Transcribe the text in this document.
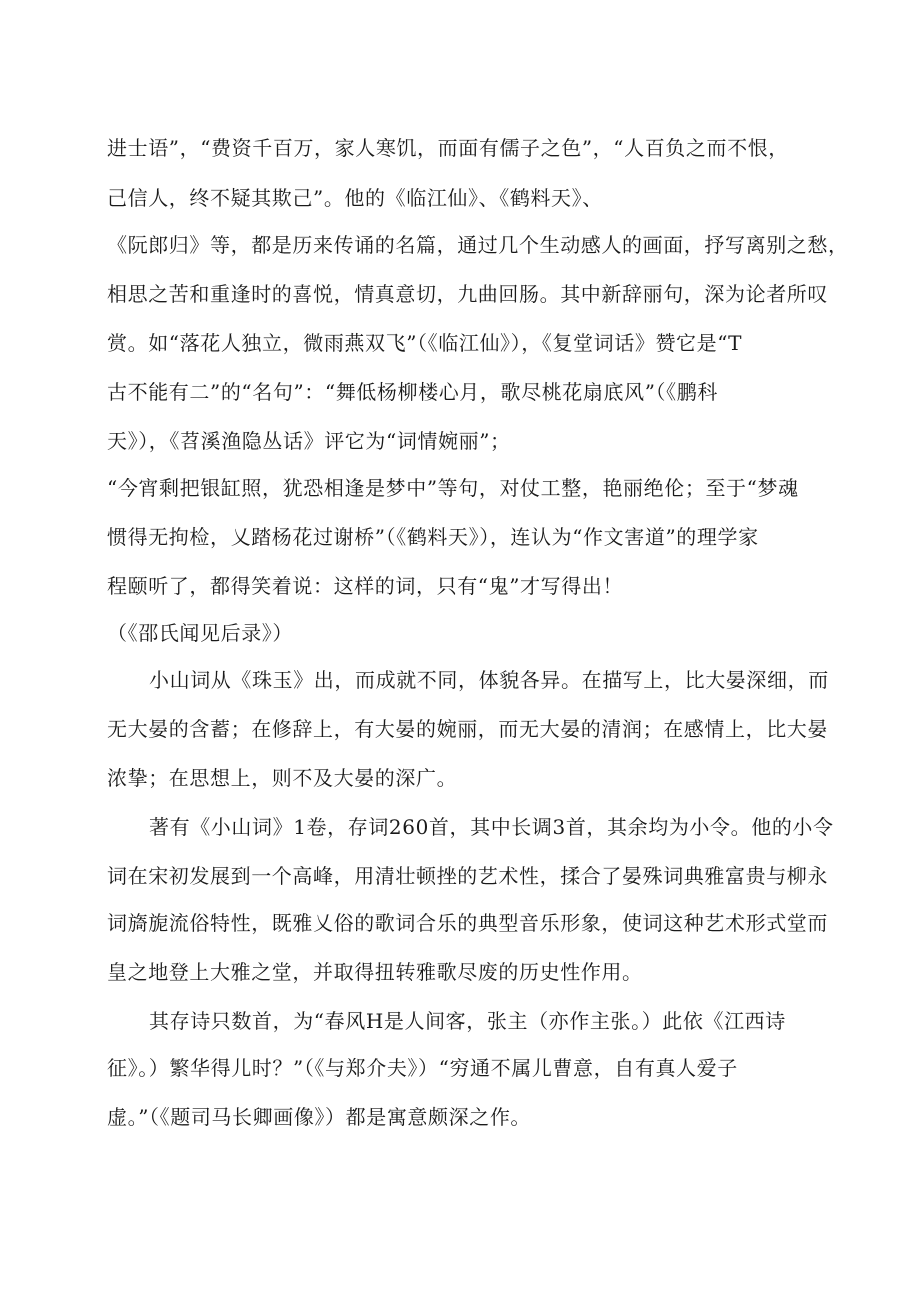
进士语”，“费资千百万，家人寒饥，而面有儒子之色”，“人百负之而不恨，
己信人，终不疑其欺己”。他的《临江仙》、《鹤料天》、
《阮郎归》等，都是历来传诵的名篇，通过几个生动感人的画面，抒写离别之愁，
相思之苦和重逢时的喜悦，情真意切，九曲回肠。其中新辞丽句，深为论者所叹
赏。如“落花人独立，微雨燕双飞”（《临江仙》），《复堂词话》赞它是“T
古不能有二”的“名句”：“舞低杨柳楼心月，歌尽桃花扇底风”（《鹏科
天》），《苕溪渔隐丛话》评它为“词情婉丽”；
“今宵剩把银缸照，犹恐相逢是梦中”等句，对仗工整，艳丽绝伦；至于“梦魂
惯得无拘检，乂踏杨花过谢桥”（《鹤料天》），连认为“作文害道”的理学家
程颐听了，都得笑着说：这样的词，只有“鬼”才写得出！
（《邵氏闻见后录》）
小山词从《珠玉》出，而成就不同，体貌各异。在描写上，比大晏深细，而
无大晏的含蓄；在修辞上，有大晏的婉丽，而无大晏的清润；在感情上，比大晏
浓挚；在思想上，则不及大晏的深广。
著有《小山词》1卷，存词260首，其中长调3首，其余均为小令。他的小令
词在宋初发展到一个高峰，用清壮顿挫的艺术性，揉合了晏殊词典雅富贵与柳永
词旖旎流俗特性，既雅乂俗的歌词合乐的典型音乐形象，使词这种艺术形式堂而
皇之地登上大雅之堂，并取得扭转雅歌尽废的历史性作用。
其存诗只数首，为“春风H是人间客，张主（亦作主张。）此依《江西诗
征》。）繁华得儿时？”（《与郑介夫》）“穷通不属儿曹意，自有真人爱子
虚。”（《题司马长卿画像》）都是寓意颇深之作。
